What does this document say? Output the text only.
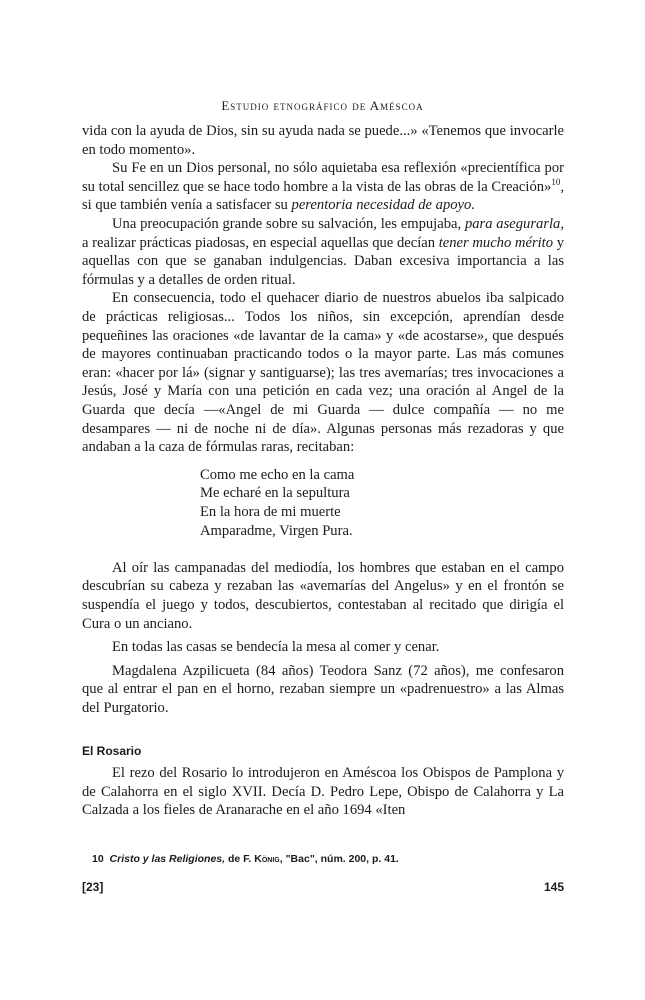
Estudio etnográfico de Améscoa

vida con la ayuda de Dios, sin su ayuda nada se puede...» «Tenemos que invocarle en todo momento».

Su Fe en un Dios personal, no sólo aquietaba esa reflexión «precientífica por su total sencillez que se hace todo hombre a la vista de las obras de la Creación»$^{10}$, si que también venía a satisfacer su perentoria necesidad de apoyo.

Una preocupación grande sobre su salvación, les empujaba, para asegurarla, a realizar prácticas piadosas, en especial aquellas que decían tener mucho mérito y aquellas con que se ganaban indulgencias. Daban excesiva importancia a las fórmulas y a detalles de orden ritual.

En consecuencia, todo el quehacer diario de nuestros abuelos iba salpicado de prácticas religiosas... Todos los niños, sin excepción, aprendían desde pequeñines las oraciones «de lavantar de la cama» y «de acostarse», que después de mayores continuaban practicando todos o la mayor parte. Las más comunes eran: «hacer por lá» (signar y santiguarse); las tres avemarías; tres invocaciones a Jesús, José y María con una petición en cada vez; una oración al Angel de la Guarda que decía —«Angel de mi Guarda — dulce compañía — no me desampares — ni de noche ni de día». Algunas personas más rezadoras y que andaban a la caza de fórmulas raras, recitaban:

Como me echo en la cama
Me echaré en la sepultura
En la hora de mi muerte
Amparadme, Virgen Pura.

Al oír las campanadas del mediodía, los hombres que estaban en el campo descubrían su cabeza y rezaban las «avemarías del Angelus» y en el frontón se suspendía el juego y todos, descubiertos, contestaban al recitado que dirigía el Cura o un anciano.

En todas las casas se bendecía la mesa al comer y cenar.

Magdalena Azpilicueta (84 años) Teodora Sanz (72 años), me confesaron que al entrar el pan en el horno, rezaban siempre un «padrenuestro» a las Almas del Purgatorio.

El Rosario

El rezo del Rosario lo introdujeron en Améscoa los Obispos de Pamplona y de Calahorra en el siglo XVII. Decía D. Pedro Lepe, Obispo de Calahorra y La Calzada a los fieles de Aranarache en el año 1694 «Iten

10 Cristo y las Religiones, de F. König, "Bac", núm. 200, p. 41.
[23]	145
